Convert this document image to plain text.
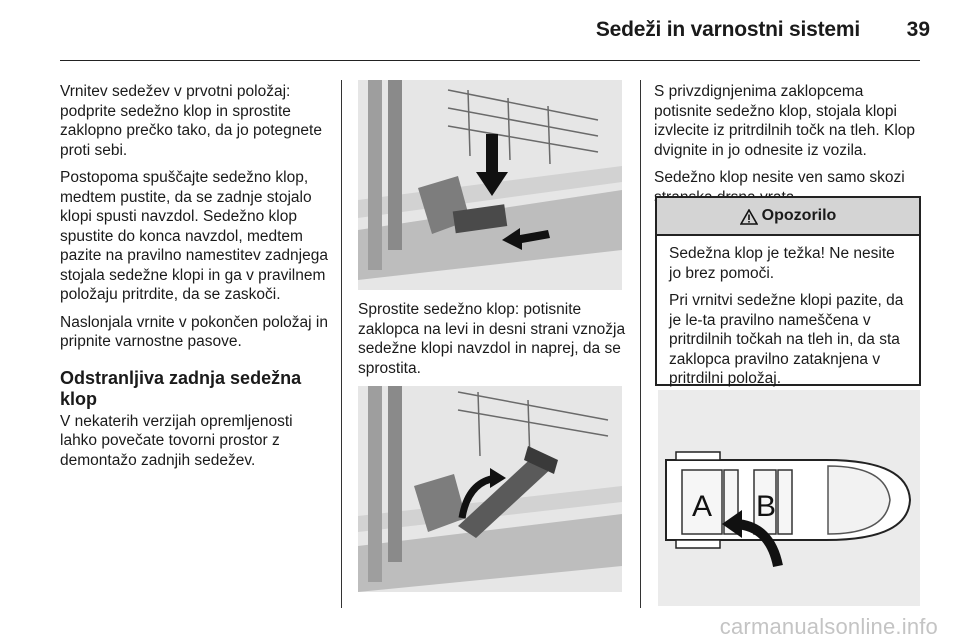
Sedeži in varnostni sistemi	39

Vrnitev sedežev v prvotni položaj: podprite sedežno klop in sprostite zaklopno prečko tako, da jo potegnete proti sebi.

Postopoma spuščajte sedežno klop, medtem pustite, da se zadnje stojalo klopi spusti navzdol. Sedežno klop spustite do konca navzdol, medtem pazite na pravilno namestitev zadnjega stojala sedežne klopi in ga v pravilnem položaju pritrdite, da se zaskoči.

Naslonjala vrnite v pokončen položaj in pripnite varnostne pasove.

Odstranljiva zadnja sedežna klop

V nekaterih verzijah opremljenosti lahko povečate tovorni prostor z demontažo zadnjih sedežev.

Sprostite sedežno klop: potisnite zaklopca na levi in desni strani vznožja sedežne klopi navzdol in naprej, da se sprostita.

S privzdignjenima zaklopcema potisnite sedežno klop, stojala klopi izvlecite iz pritrdilnih točk na tleh. Klop dvignite in jo odnesite iz vozila.

Sedežno klop nesite ven samo skozi

Opozorilo

Sedežna klop je težka! Ne nesite jo brez pomoči.

Pri vrnitvi sedežne klopi pazite, da je le-ta pravilno nameščena v pritrdilnih točkah na tleh in, da sta zaklopca pravilno zataknjena v pritrdilni položaj.

A B
carmanualsonline.info
